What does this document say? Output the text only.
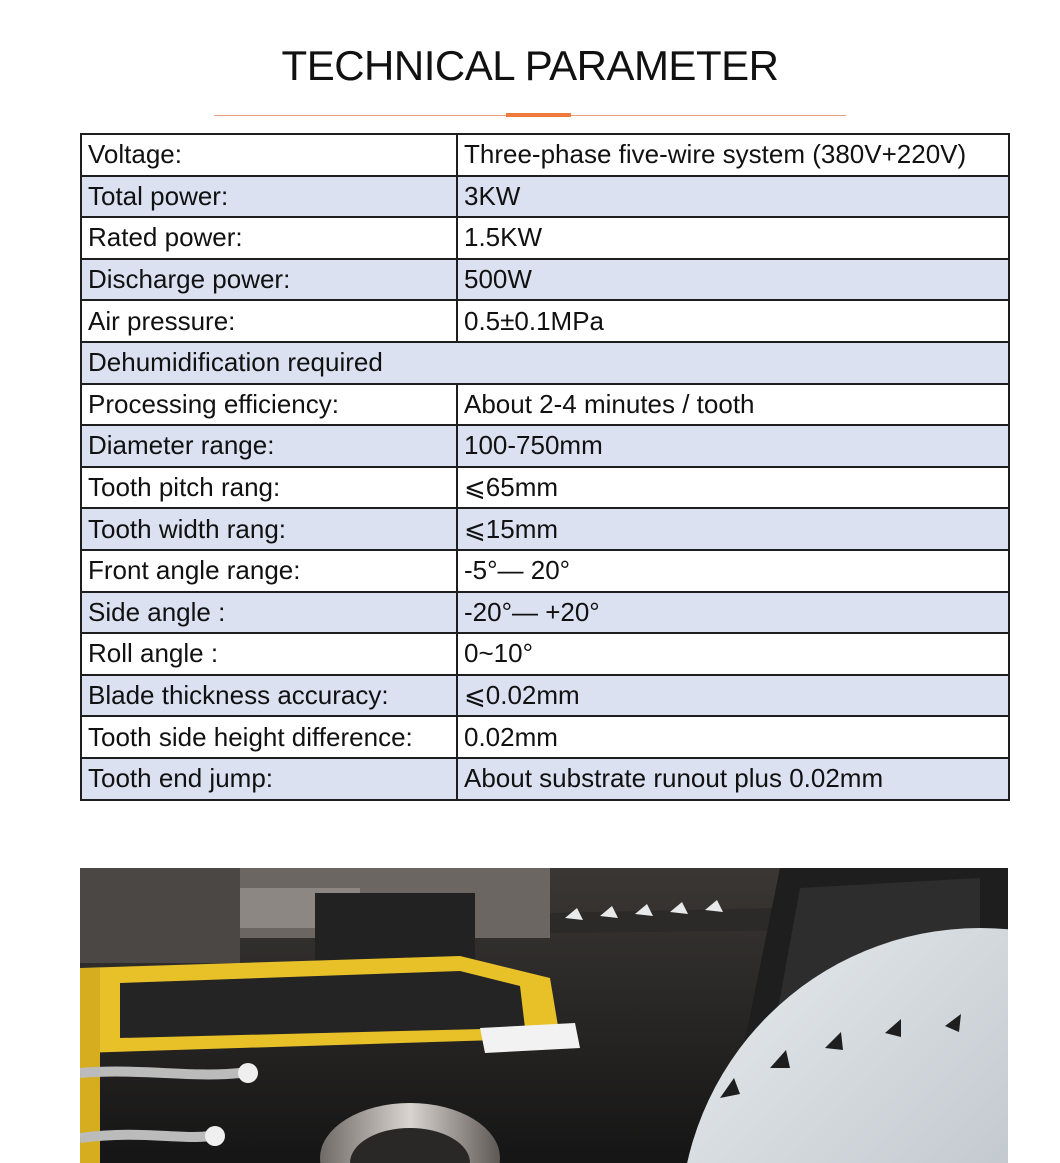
TECHNICAL PARAMETER
Voltage:	Three-phase five-wire system (380V+220V)
Total power:	3KW
Rated power:	1.5KW
Discharge power:	500W
Air pressure:	0.5±0.1MPa
Dehumidification required	
Processing efficiency:	About 2-4 minutes / tooth
Diameter range:	100-750mm
Tooth pitch rang:	⩽65mm
Tooth width rang:	⩽15mm
Front angle range:	-5°— 20°
Side angle :	-20°— +20°
Roll angle :	0~10°
Blade thickness accuracy:	⩽0.02mm
Tooth side height difference:	0.02mm
Tooth end jump:	About substrate runout plus 0.02mm
